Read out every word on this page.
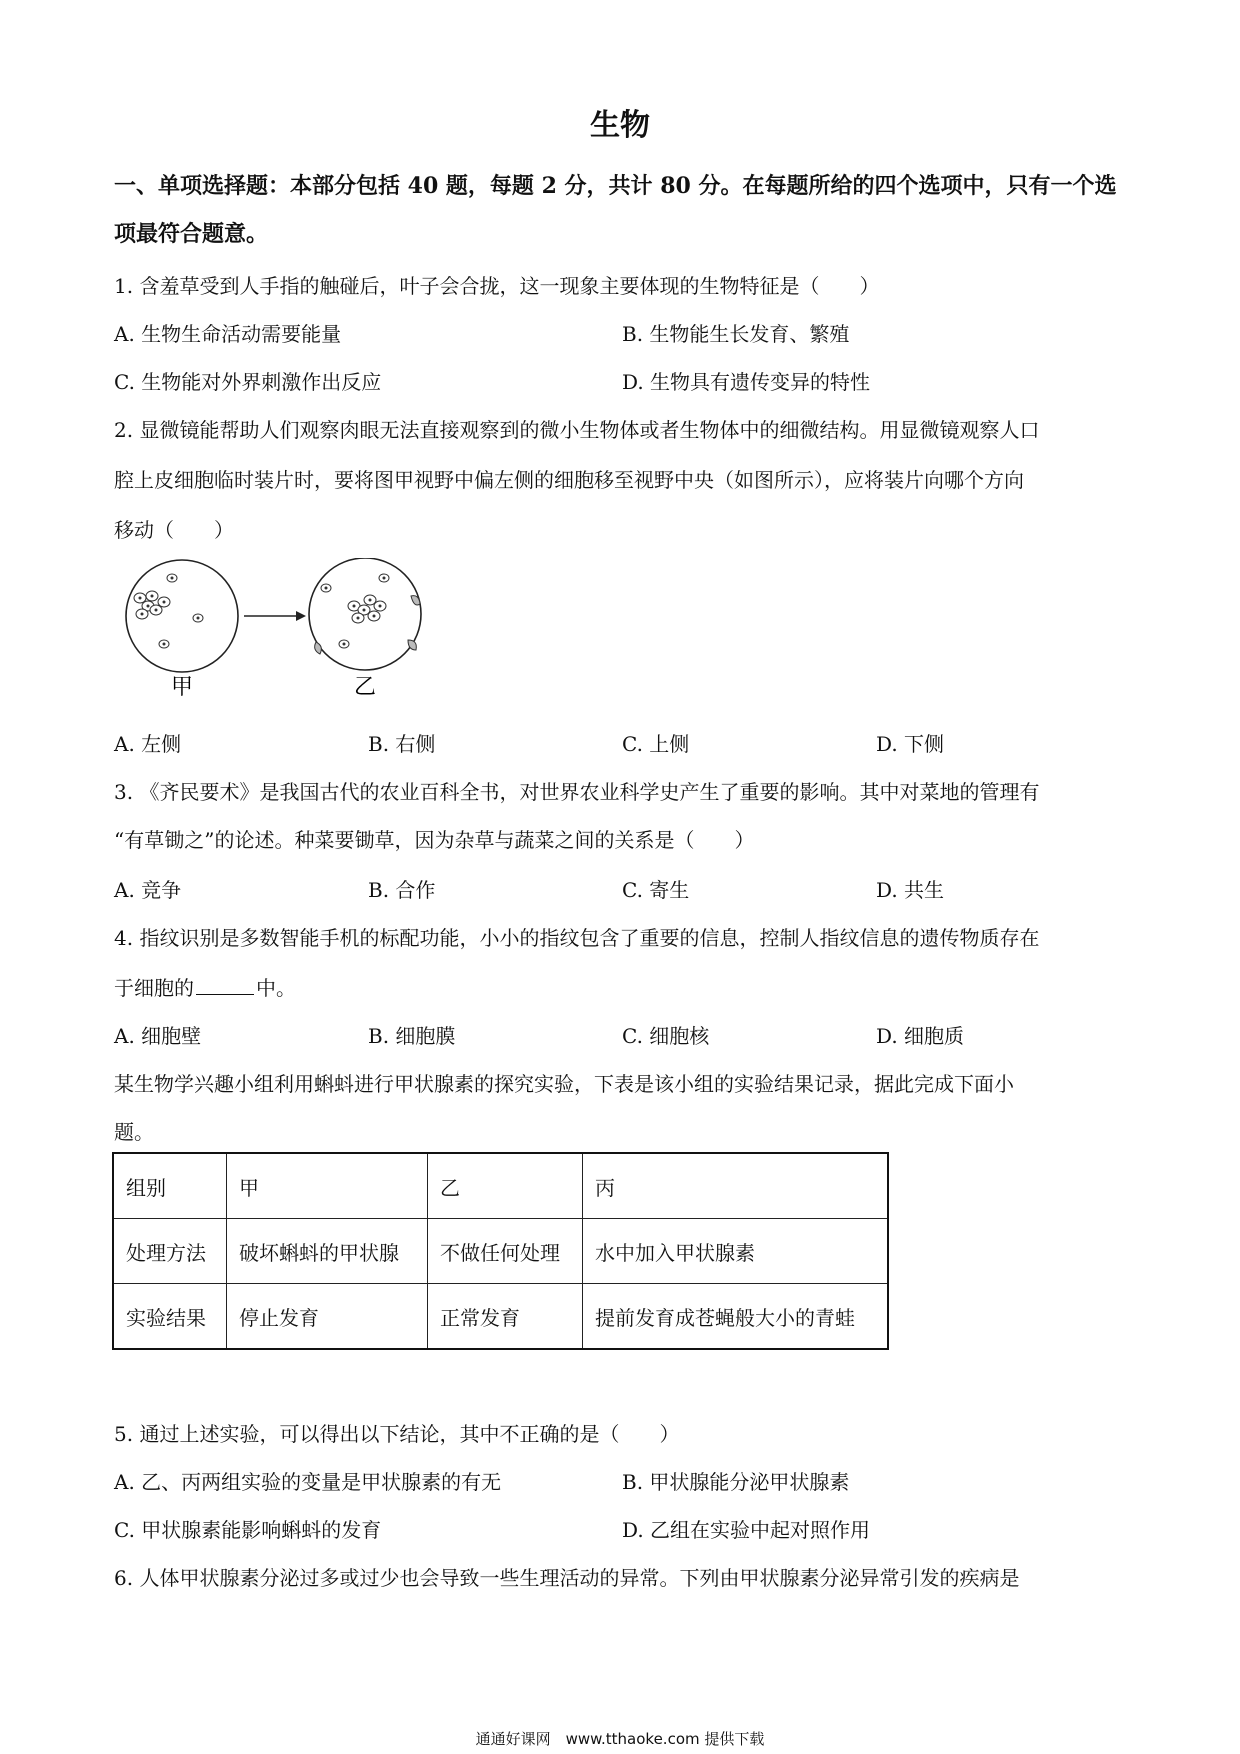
生物
一、单项选择题：本部分包括 40 题，每题 2 分，共计 80 分。在每题所给的四个选项中，只有一个选项最符合题意。
1. 含羞草受到人手指的触碰后，叶子会合拢，这一现象主要体现的生物特征是（　　）
A. 生物生命活动需要能量	B. 生物能生长发育、繁殖
C. 生物能对外界刺激作出反应	D. 生物具有遗传变异的特性
2. 显微镜能帮助人们观察肉眼无法直接观察到的微小生物体或者生物体中的细微结构。用显微镜观察人口
腔上皮细胞临时装片时，要将图甲视野中偏左侧的细胞移至视野中央（如图所示），应将装片向哪个方向
移动（　　）
甲	乙
A. 左侧	B. 右侧	C. 上侧	D. 下侧
3. 《齐民要术》是我国古代的农业百科全书，对世界农业科学史产生了重要的影响。其中对菜地的管理有
“有草锄之”的论述。种菜要锄草，因为杂草与蔬菜之间的关系是（　　）
A. 竞争	B. 合作	C. 寄生	D. 共生
4. 指纹识别是多数智能手机的标配功能，小小的指纹包含了重要的信息，控制人指纹信息的遗传物质存在
于细胞的	中。
A. 细胞壁	B. 细胞膜	C. 细胞核	D. 细胞质
某生物学兴趣小组利用蝌蚪进行甲状腺素的探究实验，下表是该小组的实验结果记录，据此完成下面小
题。
组别	甲	乙	丙
处理方法	破坏蝌蚪的甲状腺	不做任何处理	水中加入甲状腺素
实验结果	停止发育	正常发育	提前发育成苍蝇般大小的青蛙
5. 通过上述实验，可以得出以下结论，其中不正确的是（　　）
A. 乙、丙两组实验的变量是甲状腺素的有无	B. 甲状腺能分泌甲状腺素
C. 甲状腺素能影响蝌蚪的发育	D. 乙组在实验中起对照作用
6. 人体甲状腺素分泌过多或过少也会导致一些生理活动的异常。下列由甲状腺素分泌异常引发的疾病是
通通好课网　www.tthaoke.com 提供下载
